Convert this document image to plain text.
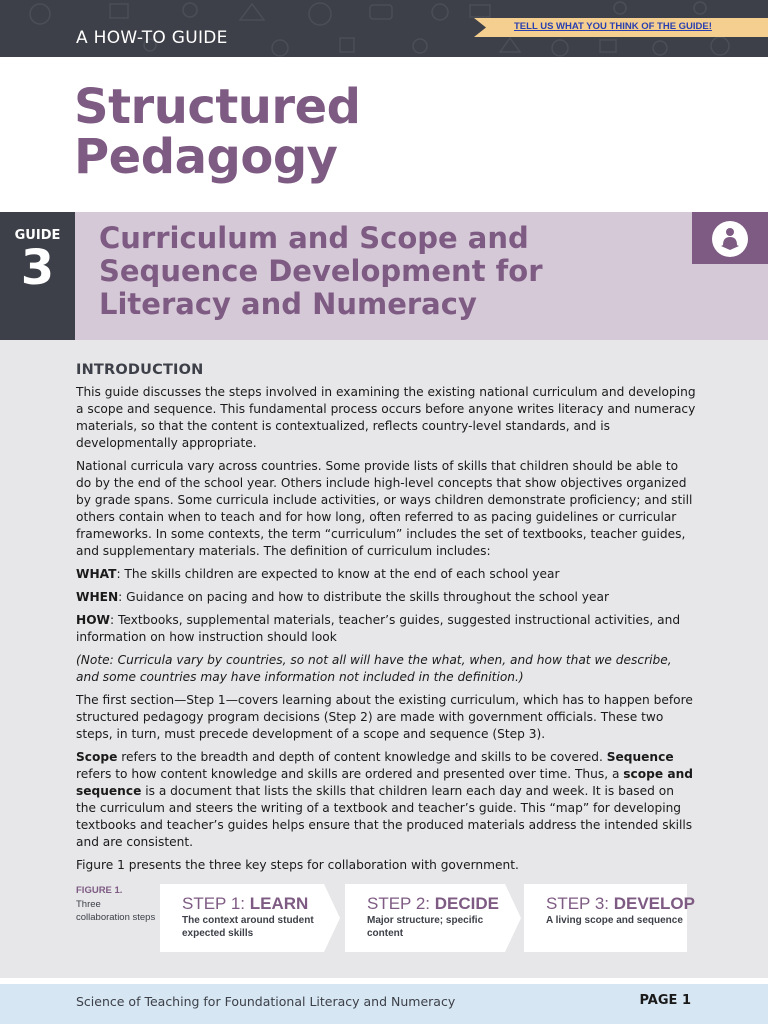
A HOW-TO GUIDE
TELL US WHAT YOU THINK OF THE GUIDE!
Structured
Pedagogy
GUIDE
3
Curriculum and Scope and Sequence Development for Literacy and Numeracy
INTRODUCTION

This guide discusses the steps involved in examining the existing national curriculum and developing a scope and sequence. This fundamental process occurs before anyone writes literacy and numeracy materials, so that the content is contextualized, reflects country-level standards, and is developmentally appropriate.

National curricula vary across countries. Some provide lists of skills that children should be able to do by the end of the school year. Others include high-level concepts that show objectives organized by grade spans. Some curricula include activities, or ways children demonstrate proficiency; and still others contain when to teach and for how long, often referred to as pacing guidelines or curricular frameworks. In some contexts, the term “curriculum” includes the set of textbooks, teacher guides, and supplementary materials. The definition of curriculum includes:

WHAT: The skills children are expected to know at the end of each school year

WHEN: Guidance on pacing and how to distribute the skills throughout the school year

HOW: Textbooks, supplemental materials, teacher’s guides, suggested instructional activities, and information on how instruction should look

(Note: Curricula vary by countries, so not all will have the what, when, and how that we describe, and some countries may have information not included in the definition.)

The first section—Step 1—covers learning about the existing curriculum, which has to happen before structured pedagogy program decisions (Step 2) are made with government officials. These two steps, in turn, must precede development of a scope and sequence (Step 3).

Scope refers to the breadth and depth of content knowledge and skills to be covered. Sequence refers to how content knowledge and skills are ordered and presented over time. Thus, a scope and sequence is a document that lists the skills that children learn each day and week. It is based on the curriculum and steers the writing of a textbook and teacher’s guide. This “map” for developing textbooks and teacher’s guides helps ensure that the produced materials address the intended skills and are consistent.

Figure 1 presents the three key steps for collaboration with government.

FIGURE 1.
Three collaboration steps
STEP 1: LEARN
The context around student expected skills
STEP 2: DECIDE
Major structure; specific content
STEP 3: DEVELOP
A living scope and sequence
Science of Teaching for Foundational Literacy and Numeracy	PAGE 1
